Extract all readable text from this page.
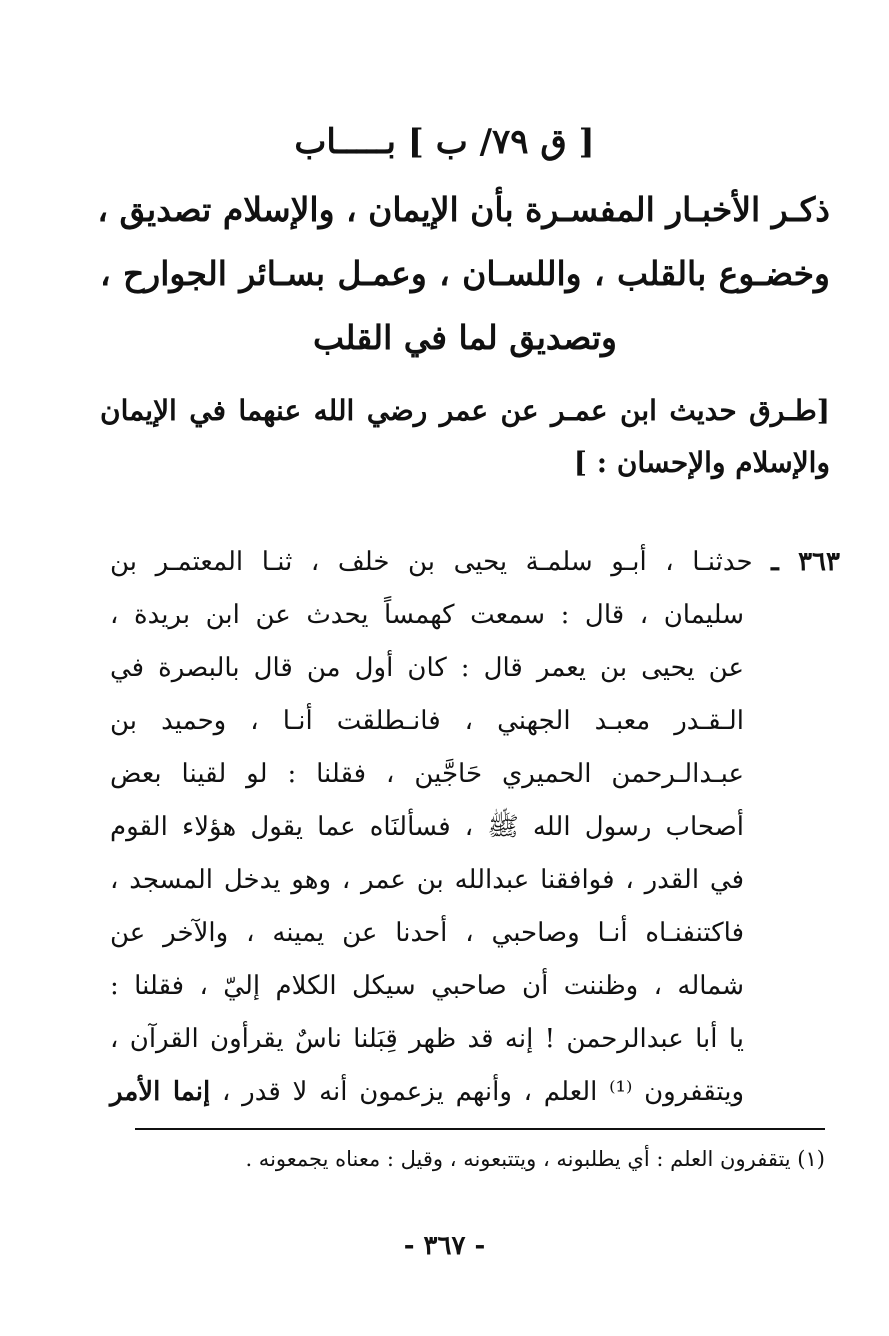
[ ق ٧٩/ ب ] بـــــاب
ذكـر الأخبـار المفسـرة بأن الإيمان ، والإسلام تصديق ،
وخضـوع بالقلب ، واللسـان ، وعمـل بسـائر الجوارح ،
وتصديق لما في القلب
[طـرق حديث ابن عمـر عن عمر رضي الله عنهما في الإيمان
والإسلام والإحسان : ]
٣٦٣ ـ حدثنـا ، أبـو سلمـة يحيى بن خلف ، ثنـا المعتمـر بن
سليمان ، قال : سمعت كهمساً يحدث عن ابن بريدة ،
عن يحيى بن يعمر قال : كان أول من قال بالبصرة في
الـقـدر معبـد الجهني ، فانـطلقت أنـا ، وحميد بن
عبـدالـرحمن الحميري حَاجَّين ، فقلنا : لو لقينا بعض
أصحاب رسول الله ﷺ ، فسألنَاه عما يقول هؤلاء القوم
في القدر ، فوافقنا عبدالله بن عمر ، وهو يدخل المسجد ،
فاكتنفنـاه أنـا وصاحبي ، أحدنا عن يمينه ، والآخر عن
شماله ، وظننت أن صاحبي سيكل الكلام إليّ ، فقلنا :
يا أبا عبدالرحمن ! إنه قد ظهر قِبَلنا ناسٌ يقرأون القرآن ،
ويتقفرون ⁽¹⁾ العلم ، وأنهم يزعمون أنه لا قدر ، إنما الأمر
(١) يتقفرون العلم : أي يطلبونه ، ويتتبعونه ، وقيل : معناه يجمعونه .
- ٣٦٧ -
